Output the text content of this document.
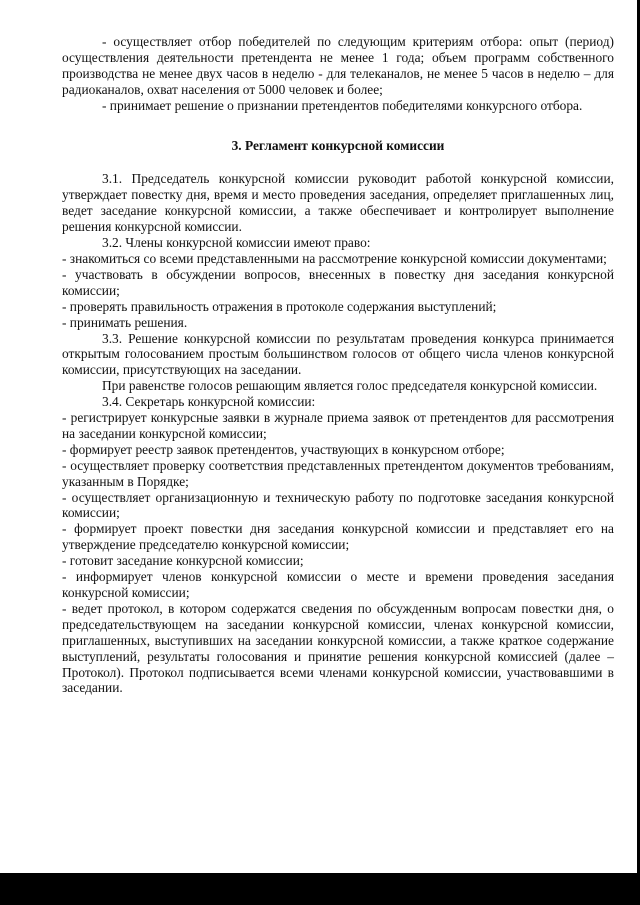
- осуществляет отбор победителей по следующим критериям отбора: опыт (период) осуществления деятельности претендента не менее 1 года; объем программ собственного производства не менее двух часов в неделю - для телеканалов, не менее 5 часов в неделю – для радиоканалов, охват населения от 5000 человек и более;

- принимает решение о признании претендентов победителями конкурсного отбора.

3. Регламент конкурсной комиссии

3.1. Председатель конкурсной комиссии руководит работой конкурсной комиссии, утверждает повестку дня, время и место проведения заседания, определяет приглашенных лиц, ведет заседание конкурсной комиссии, а также обеспечивает и контролирует выполнение решения конкурсной комиссии.

3.2. Члены конкурсной комиссии имеют право:

- знакомиться со всеми представленными на рассмотрение конкурсной комиссии документами;

- участвовать в обсуждении вопросов, внесенных в повестку дня заседания конкурсной комиссии;

- проверять правильность отражения в протоколе содержания выступлений;

- принимать решения.

3.3. Решение конкурсной комиссии по результатам проведения конкурса принимается открытым голосованием простым большинством голосов от общего числа членов конкурсной комиссии, присутствующих на заседании.

При равенстве голосов решающим является голос председателя конкурсной комиссии.

3.4. Секретарь конкурсной комиссии:

- регистрирует конкурсные заявки в журнале приема заявок от претендентов для рассмотрения на заседании конкурсной комиссии;

- формирует реестр заявок претендентов, участвующих в конкурсном отборе;

- осуществляет проверку соответствия представленных претендентом документов требованиям, указанным в Порядке;

- осуществляет организационную и техническую работу по подготовке заседания конкурсной комиссии;

- формирует проект повестки дня заседания конкурсной комиссии и представляет его на утверждение председателю конкурсной комиссии;

- готовит заседание конкурсной комиссии;

- информирует членов конкурсной комиссии о месте и времени проведения заседания конкурсной комиссии;

- ведет протокол, в котором содержатся сведения по обсужденным вопросам повестки дня, о председательствующем на заседании конкурсной комиссии, членах конкурсной комиссии, приглашенных, выступивших на заседании конкурсной комиссии, а также краткое содержание выступлений, результаты голосования и принятие решения конкурсной комиссией (далее – Протокол). Протокол подписывается всеми членами конкурсной комиссии, участвовавшими в заседании.
